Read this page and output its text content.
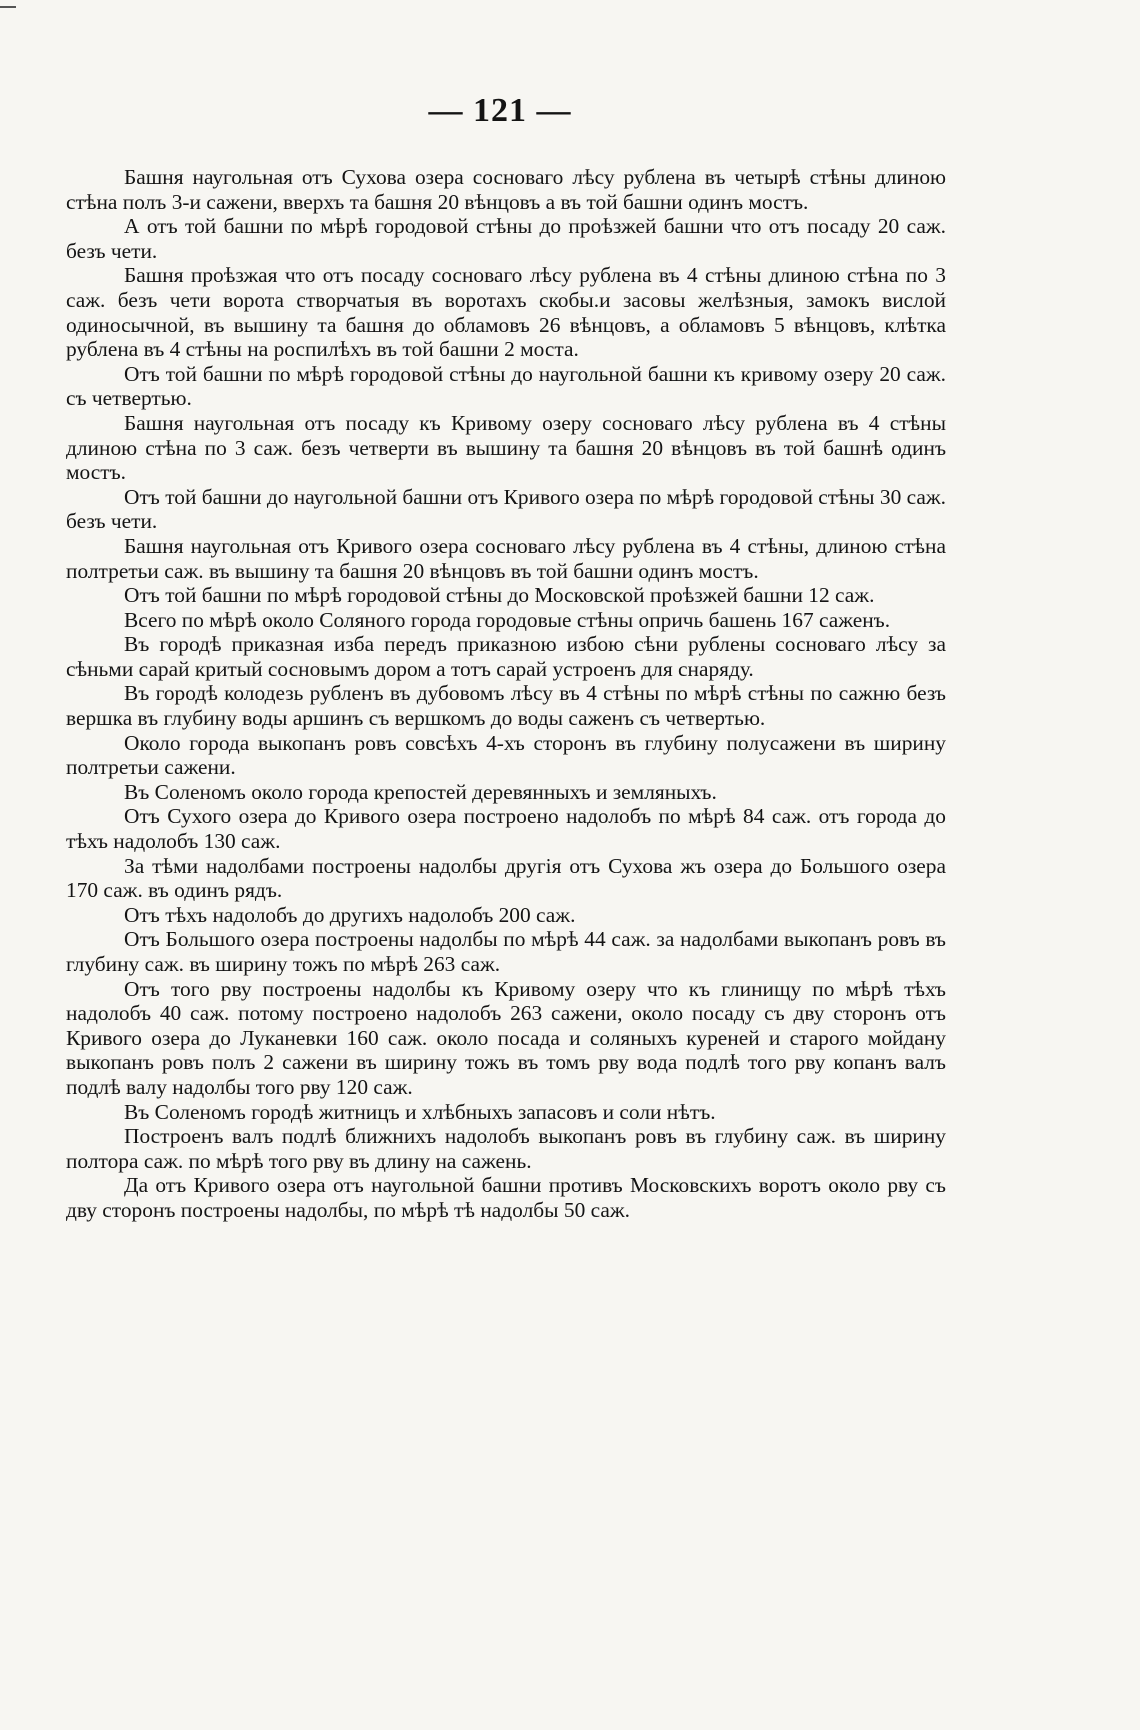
— 121 —

Башня наугольная отъ Сухова озера сосноваго лѣсу рублена въ четырѣ стѣны длиною стѣна полъ 3-и сажени, вверхъ та башня 20 вѣнцовъ а въ той башни одинъ мостъ.

А отъ той башни по мѣрѣ городовой стѣны до проѣзжей башни что отъ посаду 20 саж. безъ чети.

Башня проѣзжая что отъ посаду сосноваго лѣсу рублена въ 4 стѣны длиною стѣна по 3 саж. безъ чети ворота створчатыя въ воротахъ скобы.и засовы желѣзныя, замокъ вислой одиносычной, въ вышину та башня до обламовъ 26 вѣнцовъ, а обламовъ 5 вѣнцовъ, клѣтка рублена въ 4 стѣны на роспилѣхъ въ той башни 2 моста.

Отъ той башни по мѣрѣ городовой стѣны до наугольной башни къ кривому озеру 20 саж. съ четвертью.

Башня наугольная отъ посаду къ Кривому озеру сосноваго лѣсу рублена въ 4 стѣны длиною стѣна по 3 саж. безъ четверти въ вышину та башня 20 вѣнцовъ въ той башнѣ одинъ мостъ.

Отъ той башни до наугольной башни отъ Кривого озера по мѣрѣ городовой стѣны 30 саж. безъ чети.

Башня наугольная отъ Кривого озера сосноваго лѣсу рублена въ 4 стѣны, длиною стѣна полтретьи саж. въ вышину та башня 20 вѣнцовъ въ той башни одинъ мостъ.

Отъ той башни по мѣрѣ городовой стѣны до Московской проѣзжей башни 12 саж.

Всего по мѣрѣ около Соляного города городовые стѣны опричь башень 167 саженъ.

Въ городѣ приказная изба передъ приказною избою сѣни рублены сосноваго лѣсу за сѣньми сарай критый сосновымъ дором а тотъ сарай устроенъ для снаряду.

Въ городѣ колодезь рубленъ въ дубовомъ лѣсу въ 4 стѣны по мѣрѣ стѣны по сажню безъ вершка въ глубину воды аршинъ съ вершкомъ до воды саженъ съ четвертью.

Около города выкопанъ ровъ совсѣхъ 4-хъ сторонъ въ глубину полусажени въ ширину полтретьи сажени.

Въ Соленомъ около города крепостей деревянныхъ и земляныхъ.

Отъ Сухого озера до Кривого озера построено надолобъ по мѣрѣ 84 саж. отъ города до тѣхъ надолобъ 130 саж.

За тѣми надолбами построены надолбы другія отъ Сухова жъ озера до Большого озера 170 саж. въ одинъ рядъ.

Отъ тѣхъ надолобъ до другихъ надолобъ 200 саж.

Отъ Большого озера построены надолбы по мѣрѣ 44 саж. за надолбами выкопанъ ровъ въ глубину саж. въ ширину тожъ по мѣрѣ 263 саж.

Отъ того рву построены надолбы къ Кривому озеру что къ глинищу по мѣрѣ тѣхъ надолобъ 40 саж. потому построено надолобъ 263 сажени, около посаду съ дву сторонъ отъ Кривого озера до Луканевки 160 саж. около посада и соляныхъ куреней и старого мойдану выкопанъ ровъ полъ 2 сажени въ ширину тожъ въ томъ рву вода подлѣ того рву копанъ валъ подлѣ валу надолбы того рву 120 саж.

Въ Соленомъ городѣ житницъ и хлѣбныхъ запасовъ и соли нѣтъ.

Построенъ валъ подлѣ ближнихъ надолобъ выкопанъ ровъ въ глубину саж. въ ширину полтора саж. по мѣрѣ того рву въ длину на сажень.

Да отъ Кривого озера отъ наугольной башни противъ Московскихъ воротъ около рву съ дву сторонъ построены надолбы, по мѣрѣ тѣ надолбы 50 саж.
